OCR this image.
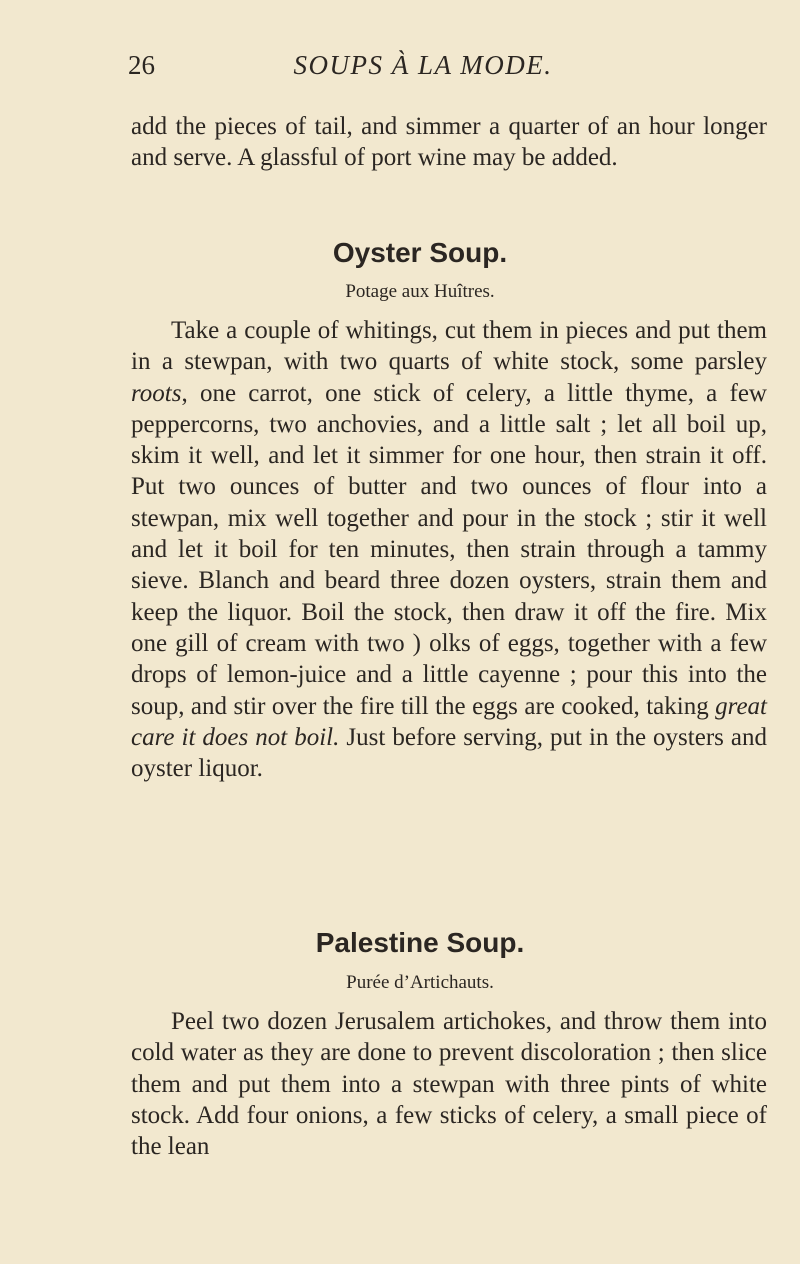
26	SOUPS À LA MODE.

add the pieces of tail, and simmer a quarter of an hour longer and serve. A glassful of port wine may be added.

Oyster Soup.
Potage aux Huîtres.

Take a couple of whitings, cut them in pieces and put them in a stewpan, with two quarts of white stock, some parsley roots, one carrot, one stick of celery, a little thyme, a few peppercorns, two anchovies, and a little salt ; let all boil up, skim it well, and let it simmer for one hour, then strain it off. Put two ounces of butter and two ounces of flour into a stewpan, mix well together and pour in the stock ; stir it well and let it boil for ten minutes, then strain through a tammy sieve. Blanch and beard three dozen oysters, strain them and keep the liquor. Boil the stock, then draw it off the fire. Mix one gill of cream with two ) olks of eggs, together with a few drops of lemon-juice and a little cayenne ; pour this into the soup, and stir over the fire till the eggs are cooked, taking great care it does not boil. Just before serving, put in the oysters and oyster liquor.

Palestine Soup.
Purée d’Artichauts.

Peel two dozen Jerusalem artichokes, and throw them into cold water as they are done to prevent discoloration ; then slice them and put them into a stewpan with three pints of white stock. Add four onions, a few sticks of celery, a small piece of the lean
